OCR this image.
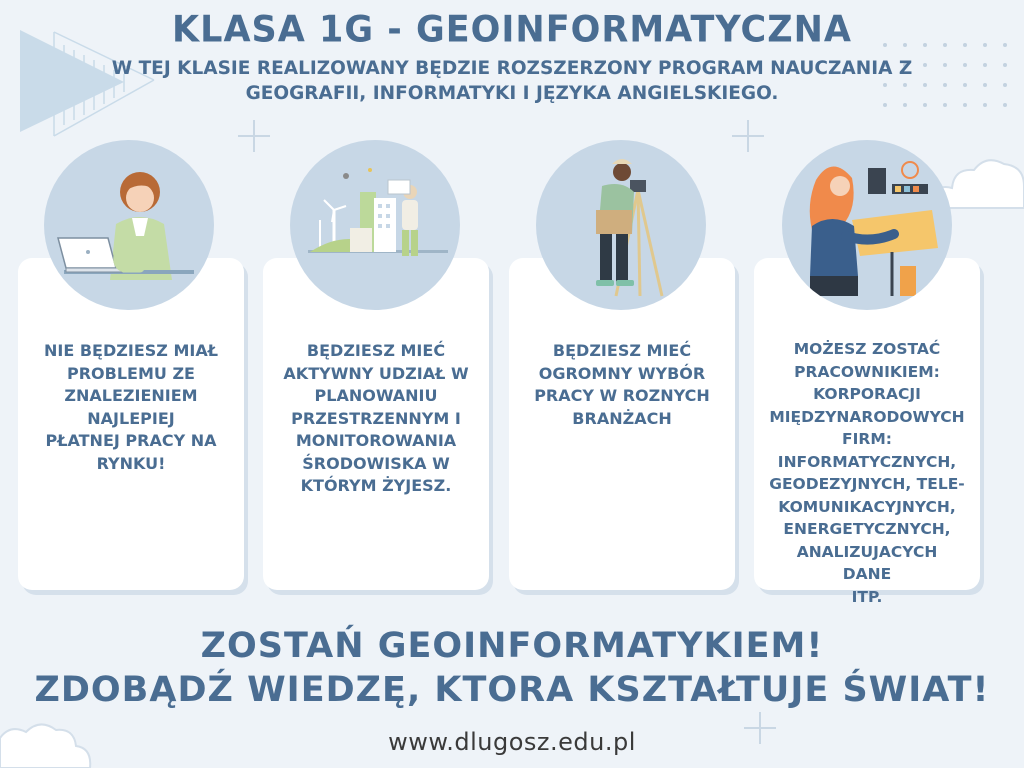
KLASA 1G - GEOINFORMATYCZNA
W TEJ KLASIE REALIZOWANY BĘDZIE ROZSZERZONY PROGRAM NAUCZANIA Z
GEOGRAFII, INFORMATYKI I JĘZYKA ANGIELSKIEGO.
NIE BĘDZIESZ MIAŁ
PROBLEMU ZE
ZNALEZIENIEM
NAJLEPIEJ
PŁATNEJ PRACY NA
RYNKU!
BĘDZIESZ MIEĆ
AKTYWNY UDZIAŁ W
PLANOWANIU
PRZESTRZENNYM I
MONITOROWANIA
ŚRODOWISKA W
KTÓRYM ŻYJESZ.
BĘDZIESZ MIEĆ
OGROMNY WYBÓR
PRACY W ROZNYCH
BRANŻACH
MOŻESZ ZOSTAĆ
PRACOWNIKIEM:
KORPORACJI
MIĘDZYNARODOWYCH
FIRM:
INFORMATYCZNYCH,
GEODEZYJNYCH, TELE-
KOMUNIKACYJNYCH,
ENERGETYCZNYCH,
ANALIZUJACYCH
DANE
ITP.
ZOSTAŃ GEOINFORMATYKIEM!
ZDOBĄDŹ WIEDZĘ, KTORA KSZTAŁTUJE ŚWIAT!
www.dlugosz.edu.pl
